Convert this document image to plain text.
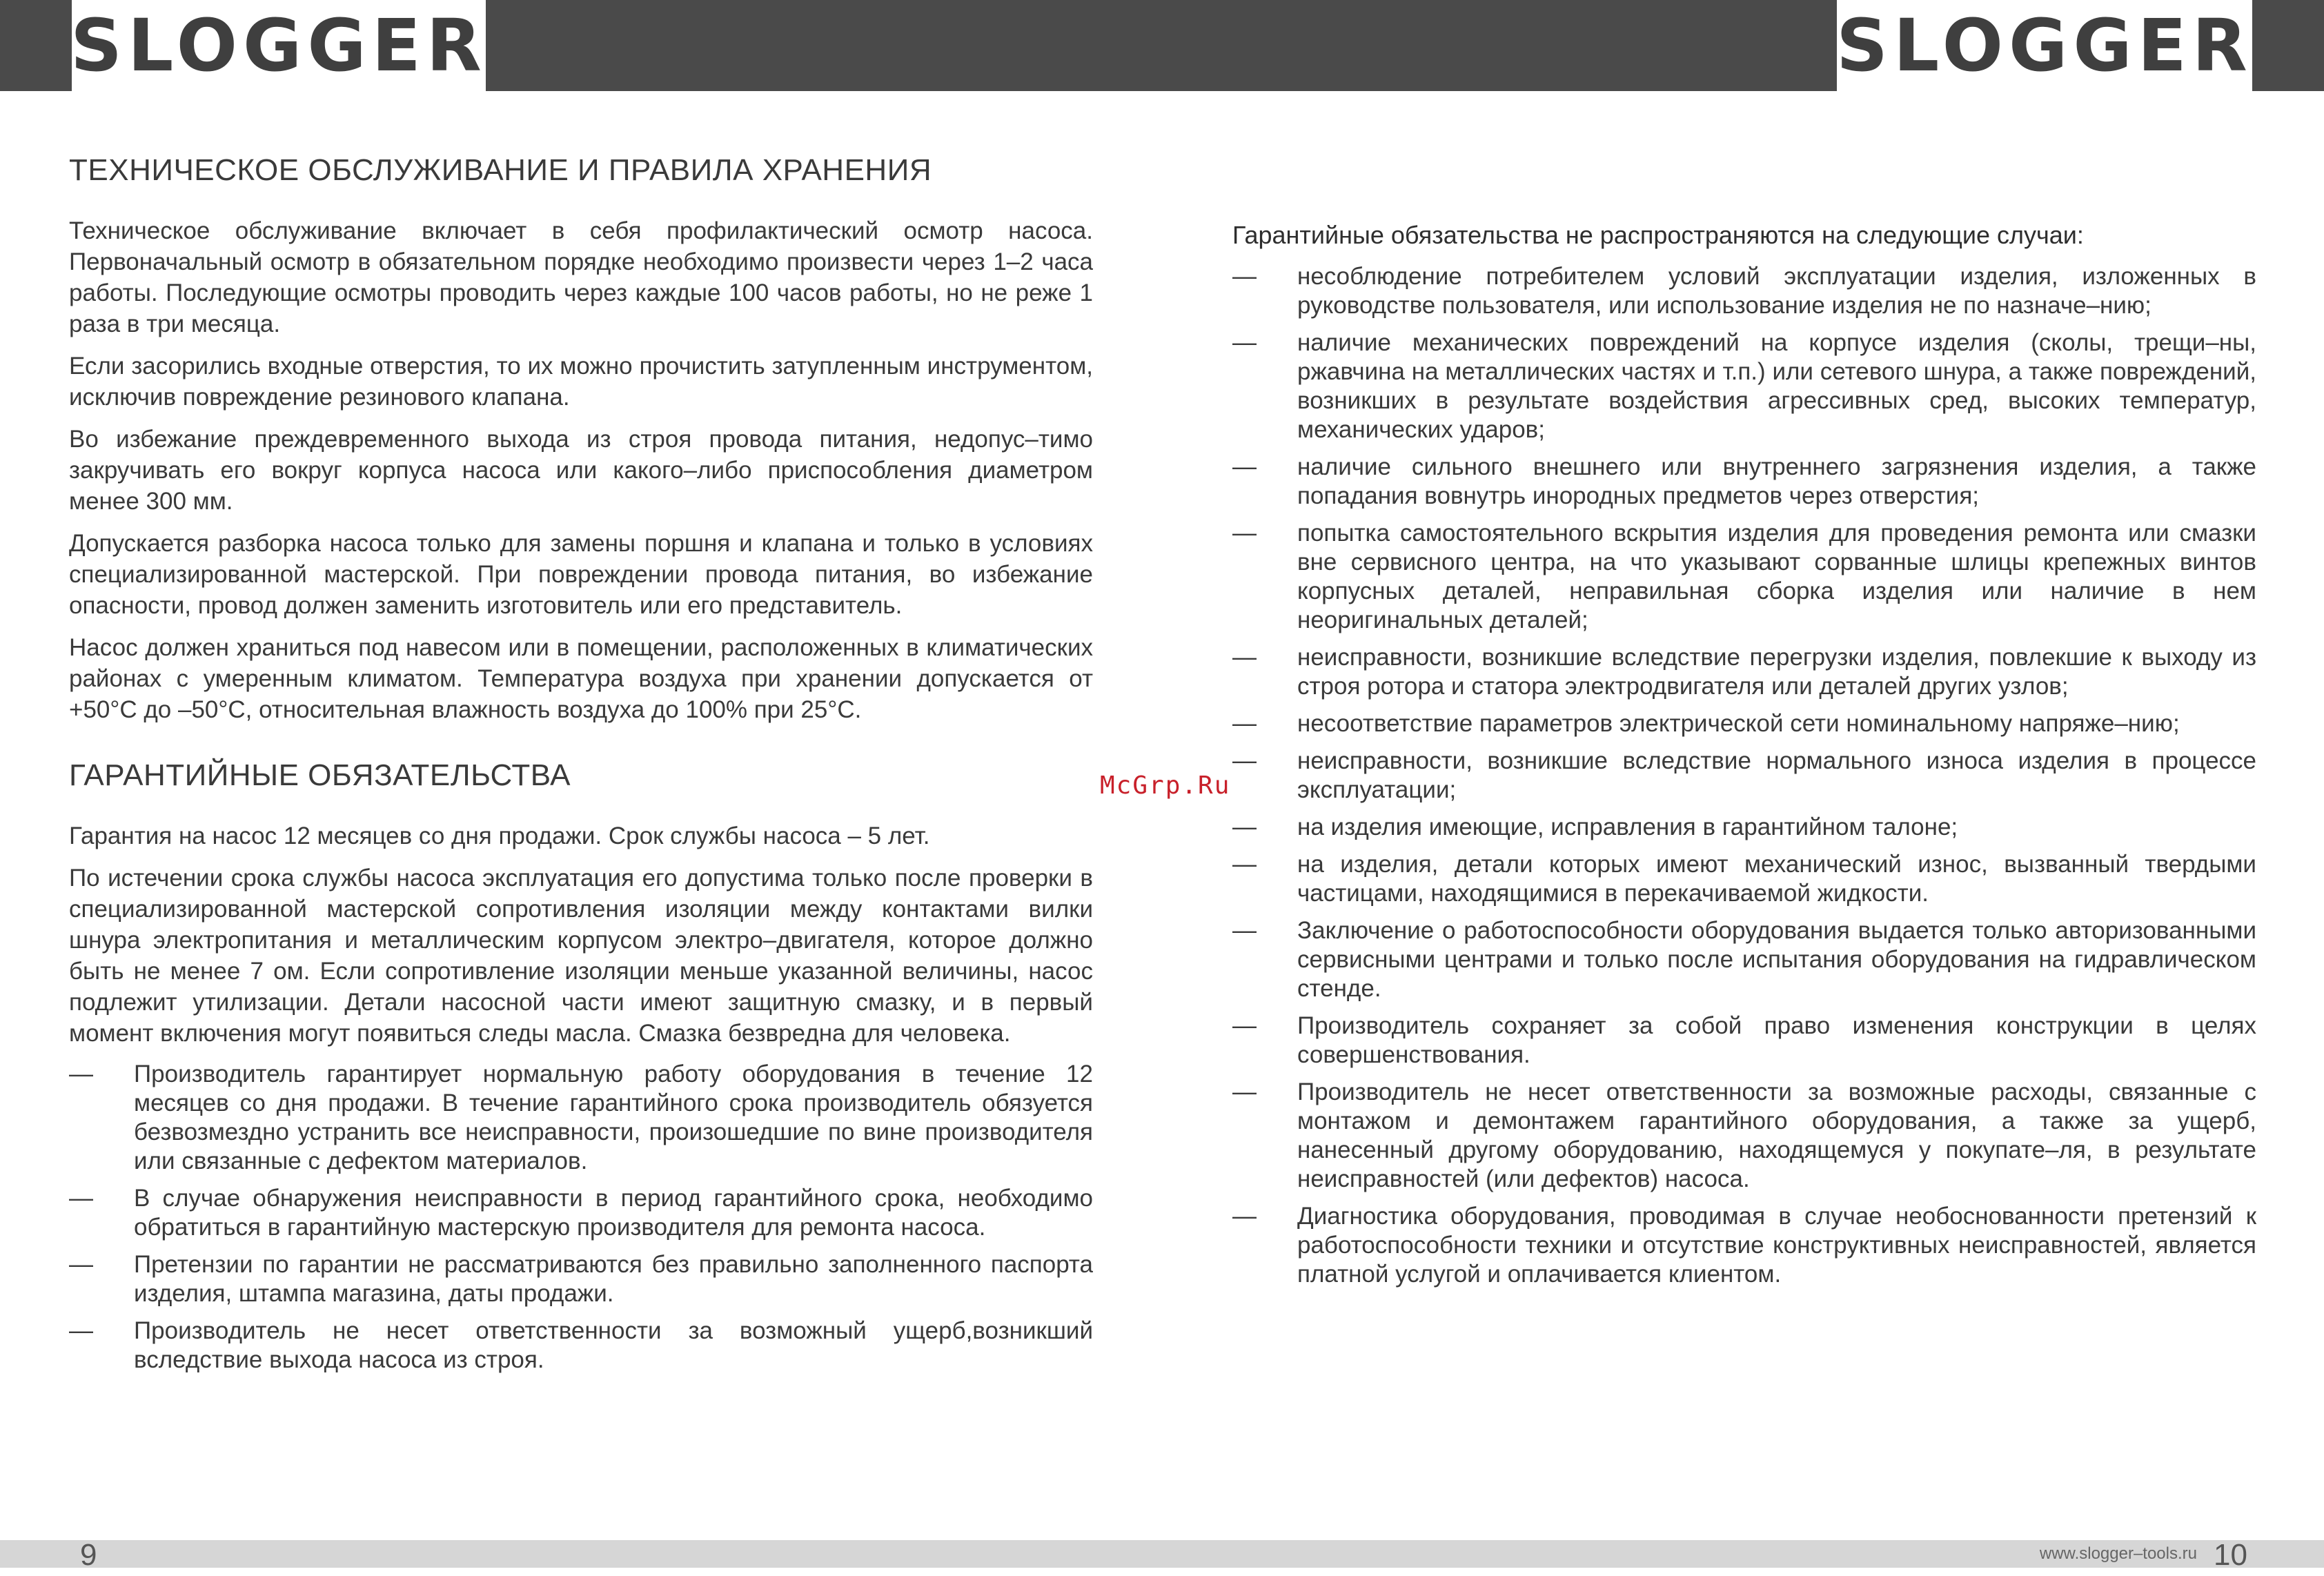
SLOGGER	SLOGGER
ТЕХНИЧЕСКОЕ ОБСЛУЖИВАНИЕ И ПРАВИЛА ХРАНЕНИЯ

Техническое обслуживание включает в себя профилактический осмотр насоса. Первоначальный осмотр в обязательном порядке необходимо произвести через 1–2 часа работы. Последующие осмотры проводить через каждые 100 часов работы, но не реже 1 раза в три месяца.

Если засорились входные отверстия, то их можно прочистить затупленным инструментом, исключив повреждение резинового клапана.

Во избежание преждевременного выхода из строя провода питания, недопус–тимо закручивать его вокруг корпуса насоса или какого–либо приспособления диаметром менее 300 мм.

Допускается разборка насоса только для замены поршня и клапана и только в условиях специализированной мастерской. При повреждении провода питания, во избежание опасности, провод должен заменить изготовитель или его представитель.

Насос должен храниться под навесом или в помещении, расположенных в климатических районах с умеренным климатом. Температура воздуха при хранении допускается от +50°С до –50°С, относительная влажность воздуха до 100% при 25°С.

ГАРАНТИЙНЫЕ ОБЯЗАТЕЛЬСТВА

Гарантия на насос 12 месяцев со дня продажи. Срок службы насоса – 5 лет.

По истечении срока службы насоса эксплуатация его допустима только после проверки в специализированной мастерской сопротивления изоляции между контактами вилки шнура электропитания и металлическим корпусом электро–двигателя, которое должно быть не менее 7 ом. Если сопротивление изоляции меньше указанной величины, насос подлежит утилизации. Детали насосной части имеют защитную смазку, и в первый момент включения могут появиться следы масла. Смазка безвредна для человека.

— Производитель гарантирует нормальную работу оборудования в течение 12 месяцев со дня продажи. В течение гарантийного срока производитель обязуется безвозмездно устранить все неисправности, произошедшие по вине производителя или связанные с дефектом материалов.
— В случае обнаружения неисправности в период гарантийного срока, необходимо обратиться в гарантийную мастерскую производителя для ремонта насоса.
— Претензии по гарантии не рассматриваются без правильно заполненного паспорта изделия, штампа магазина, даты продажи.
— Производитель не несет ответственности за возможный ущерб,возникший вследствие выхода насоса из строя.
McGrp.Ru

Гарантийные обязательства не распространяются на следующие случаи:

— несоблюдение потребителем условий эксплуатации изделия, изложенных в руководстве пользователя, или использование изделия не по назначе–нию;
— наличие механических повреждений на корпусе изделия (сколы, трещи–ны, ржавчина на металлических частях и т.п.) или сетевого шнура, а также повреждений, возникших в результате воздействия агрессивных сред, высоких температур, механических ударов;
— наличие сильного внешнего или внутреннего загрязнения изделия, а также попадания вовнутрь инородных предметов через отверстия;
— попытка самостоятельного вскрытия изделия для проведения ремонта или смазки вне сервисного центра, на что указывают сорванные шлицы крепежных винтов корпусных деталей, неправильная сборка изделия или наличие в нем неоригинальных деталей;
— неисправности, возникшие вследствие перегрузки изделия, повлекшие к выходу из строя ротора и статора электродвигателя или деталей других узлов;
— несоответствие параметров электрической сети номинальному напряже–нию;
— неисправности, возникшие вследствие нормального износа изделия в процессе эксплуатации;
— на изделия имеющие, исправления в гарантийном талоне;
— на изделия, детали которых имеют механический износ, вызванный твердыми частицами, находящимися в перекачиваемой жидкости.
— Заключение о работоспособности оборудования выдается только авторизованными сервисными центрами и только после испытания оборудования на гидравлическом стенде.
— Производитель сохраняет за собой право изменения конструкции в целях совершенствования.
— Производитель не несет ответственности за возможные расходы, связанные с монтажом и демонтажем гарантийного оборудования, а также за ущерб, нанесенный другому оборудованию, находящемуся у покупате–ля, в результате неисправностей (или дефектов) насоса.
— Диагностика оборудования, проводимая в случае необоснованности претензий к работоспособности техники и отсутствие конструктивных неисправностей, является платной услугой и оплачивается клиентом.
9	www.slogger–tools.ru 10
